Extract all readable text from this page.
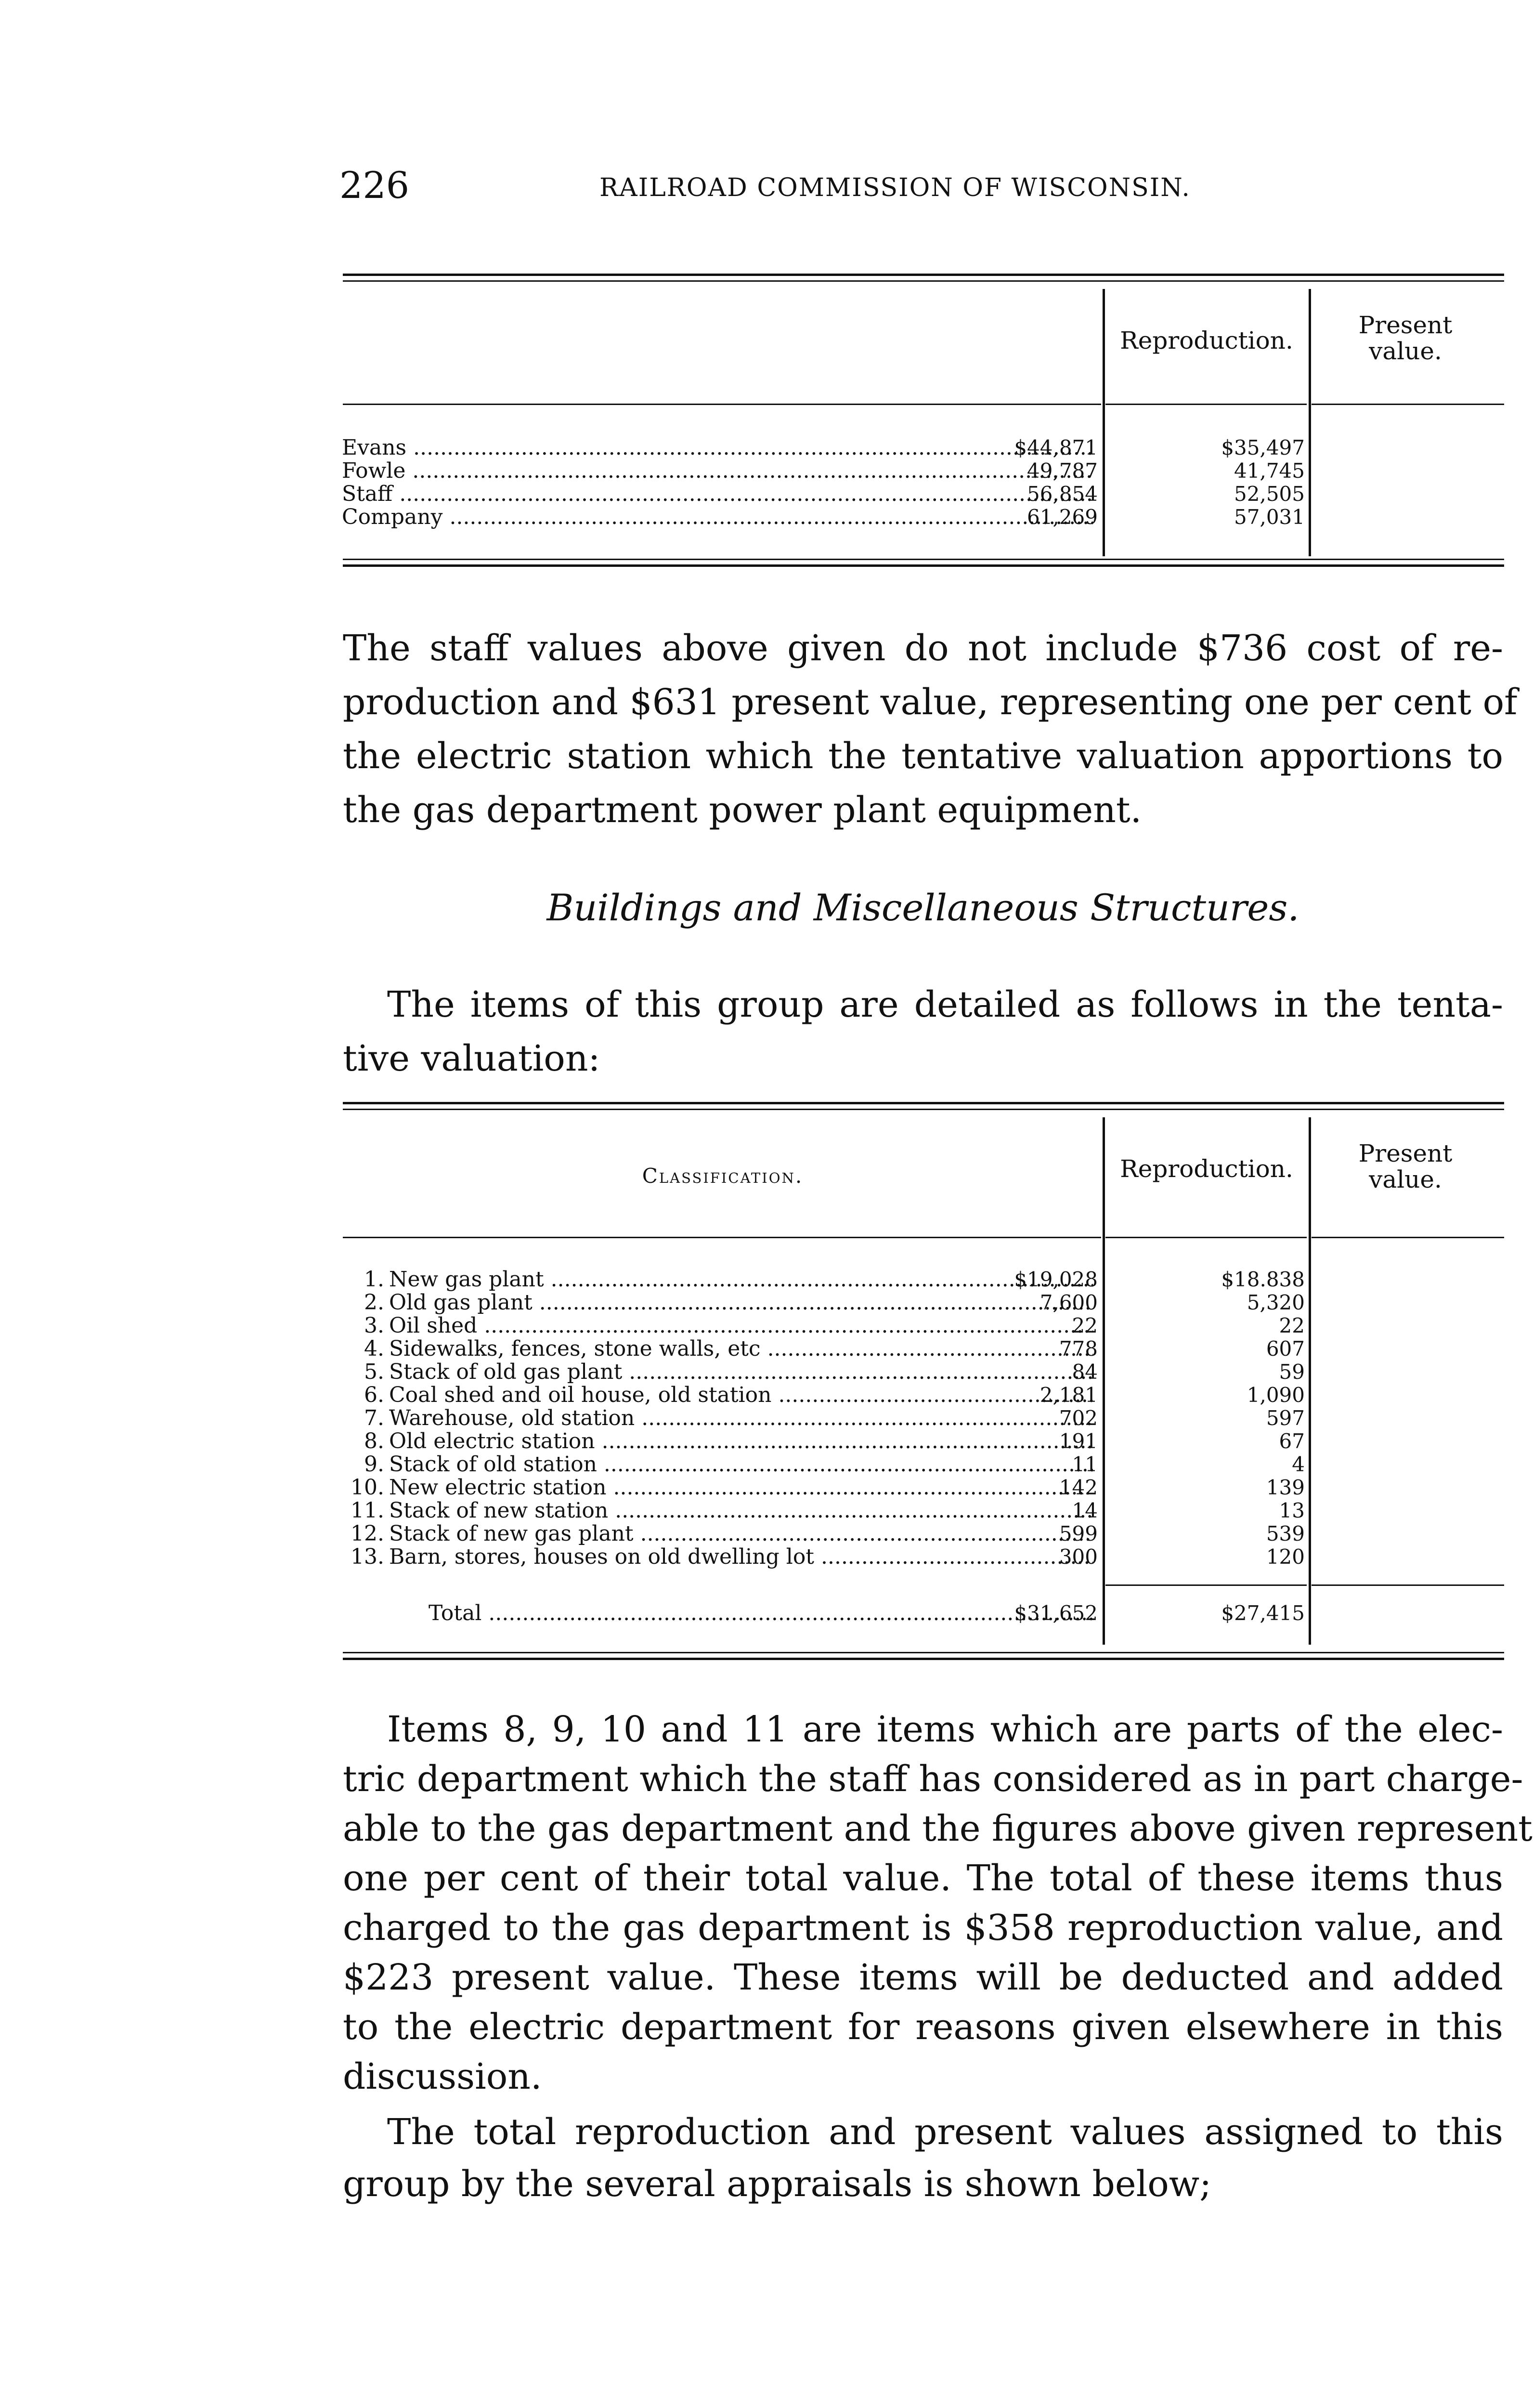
226	RAILROAD COMMISSION OF WISCONSIN.
Reproduction.
Present
value.
Evans .....	$44,871	$35,497
Fowle .....	49,787	41,745
Staff .....	56,854	52,505
Company .....	61,269	57,031
The staff values above given do not include $736 cost of re-
production and $631 present value, representing one per cent of
the electric station which the tentative valuation apportions to
the gas department power plant equipment.
Buildings and Miscellaneous Structures.
The items of this group are detailed as follows in the tenta-
tive valuation:
Classification.	Reproduction.
Present
value.
1. New gas plant .....	$19,028	$18.838
2. Old gas plant .....	7,600	5,320
3. Oil shed .....	22	22
4. Sidewalks, fences, stone walls, etc .....	778	607
5. Stack of old gas plant .....	84	59
6. Coal shed and oil house, old station .....	2,181	1,090
7. Warehouse, old station .....	702	597
8. Old electric station .....	191	67
9. Stack of old station .....	11	4
10. New electric station .....	142	139
11. Stack of new station .....	14	13
12. Stack of new gas plant .....	599	539
13. Barn, stores, houses on old dwelling lot .....	300	120
Total .....	$31,652	$27,415
Items 8, 9, 10 and 11 are items which are parts of the elec-
tric department which the staff has considered as in part charge-
able to the gas department and the figures above given represent
one per cent of their total value. The total of these items thus
charged to the gas department is $358 reproduction value, and
$223 present value. These items will be deducted and added
to the electric department for reasons given elsewhere in this
discussion.
The total reproduction and present values assigned to this
group by the several appraisals is shown below;
